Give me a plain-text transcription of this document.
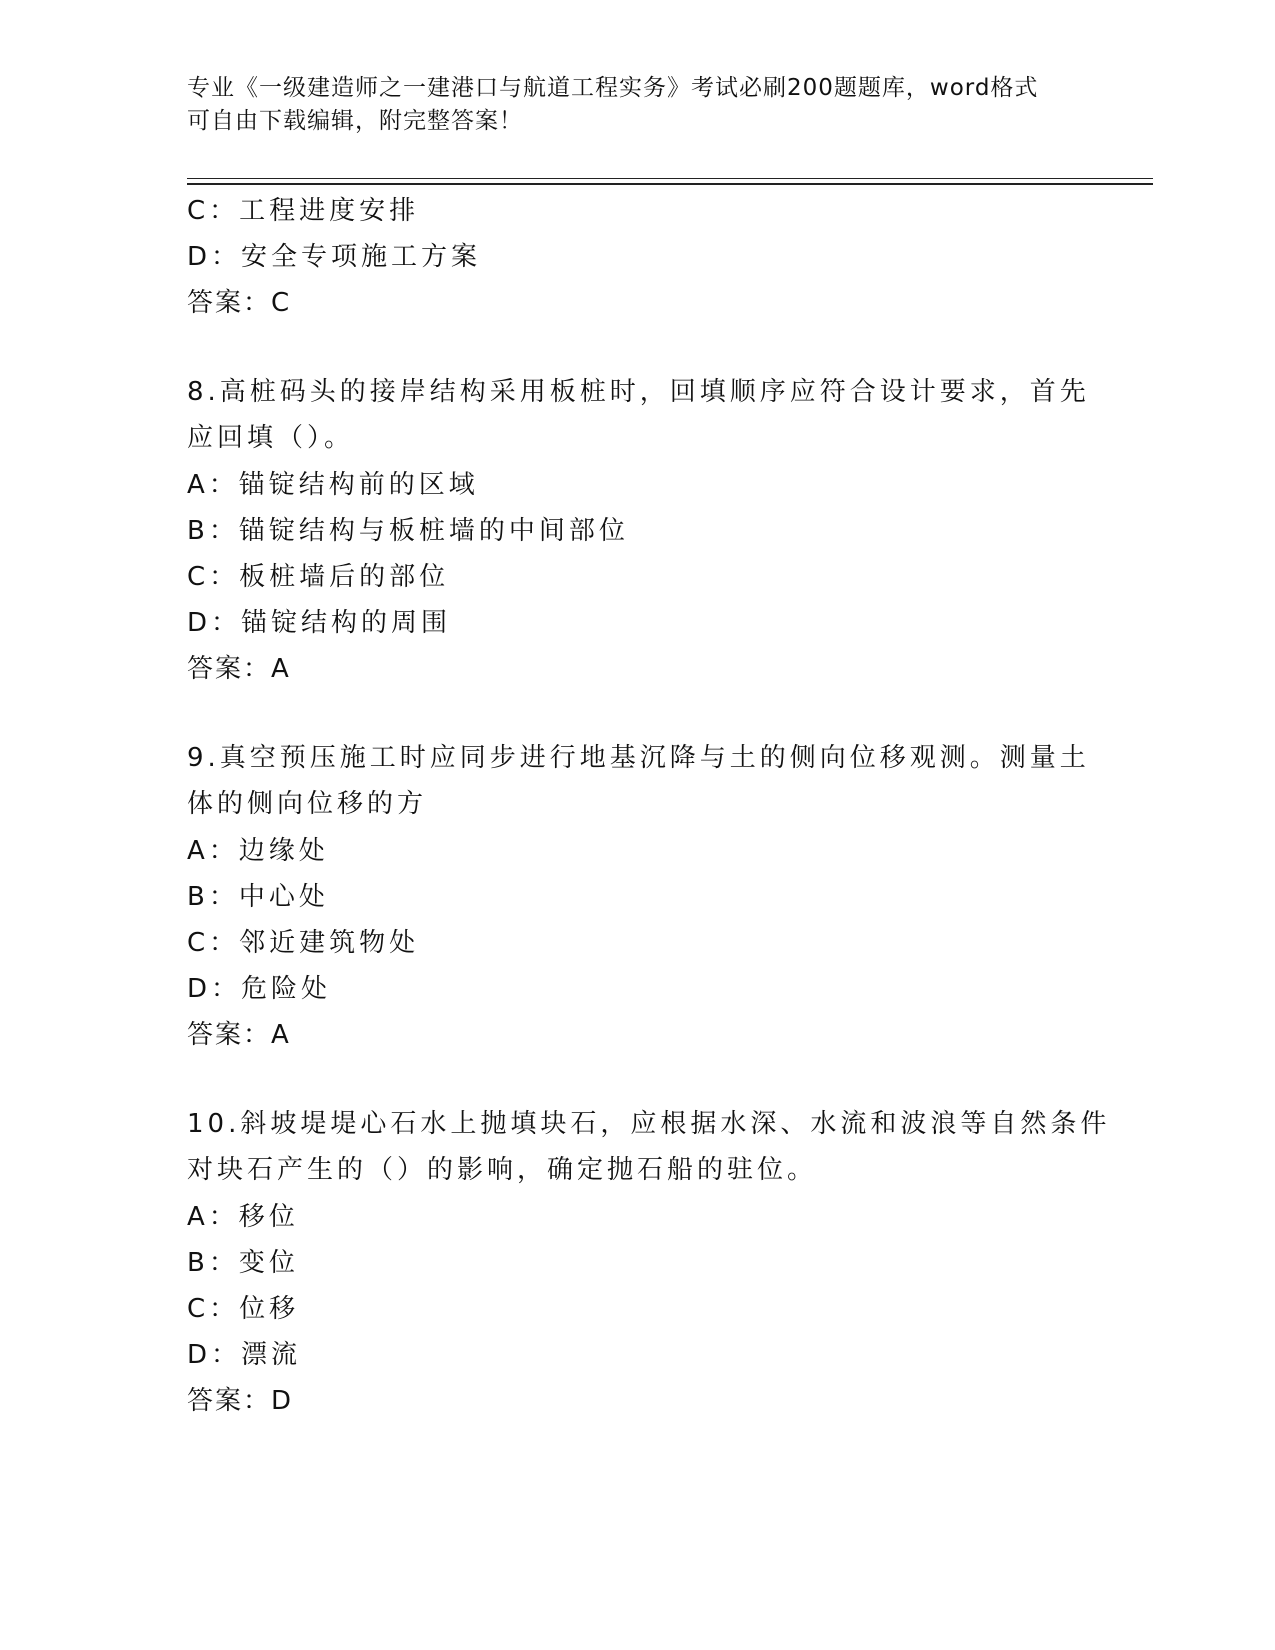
专业《一级建造师之一建港口与航道工程实务》考试必刷200题题库，word格式
可自由下载编辑，附完整答案！
C：工程进度安排
D：安全专项施工方案
答案：C
8.高桩码头的接岸结构采用板桩时，回填顺序应符合设计要求，首先
应回填（）。
A：锚锭结构前的区域
B：锚锭结构与板桩墙的中间部位
C：板桩墙后的部位
D：锚锭结构的周围
答案：A
9.真空预压施工时应同步进行地基沉降与土的侧向位移观测。测量土
体的侧向位移的方
A：边缘处
B：中心处
C：邻近建筑物处
D：危险处
答案：A
10.斜坡堤堤心石水上抛填块石，应根据水深、水流和波浪等自然条件
对块石产生的（）的影响，确定抛石船的驻位。
A：移位
B：变位
C：位移
D：漂流
答案：D
